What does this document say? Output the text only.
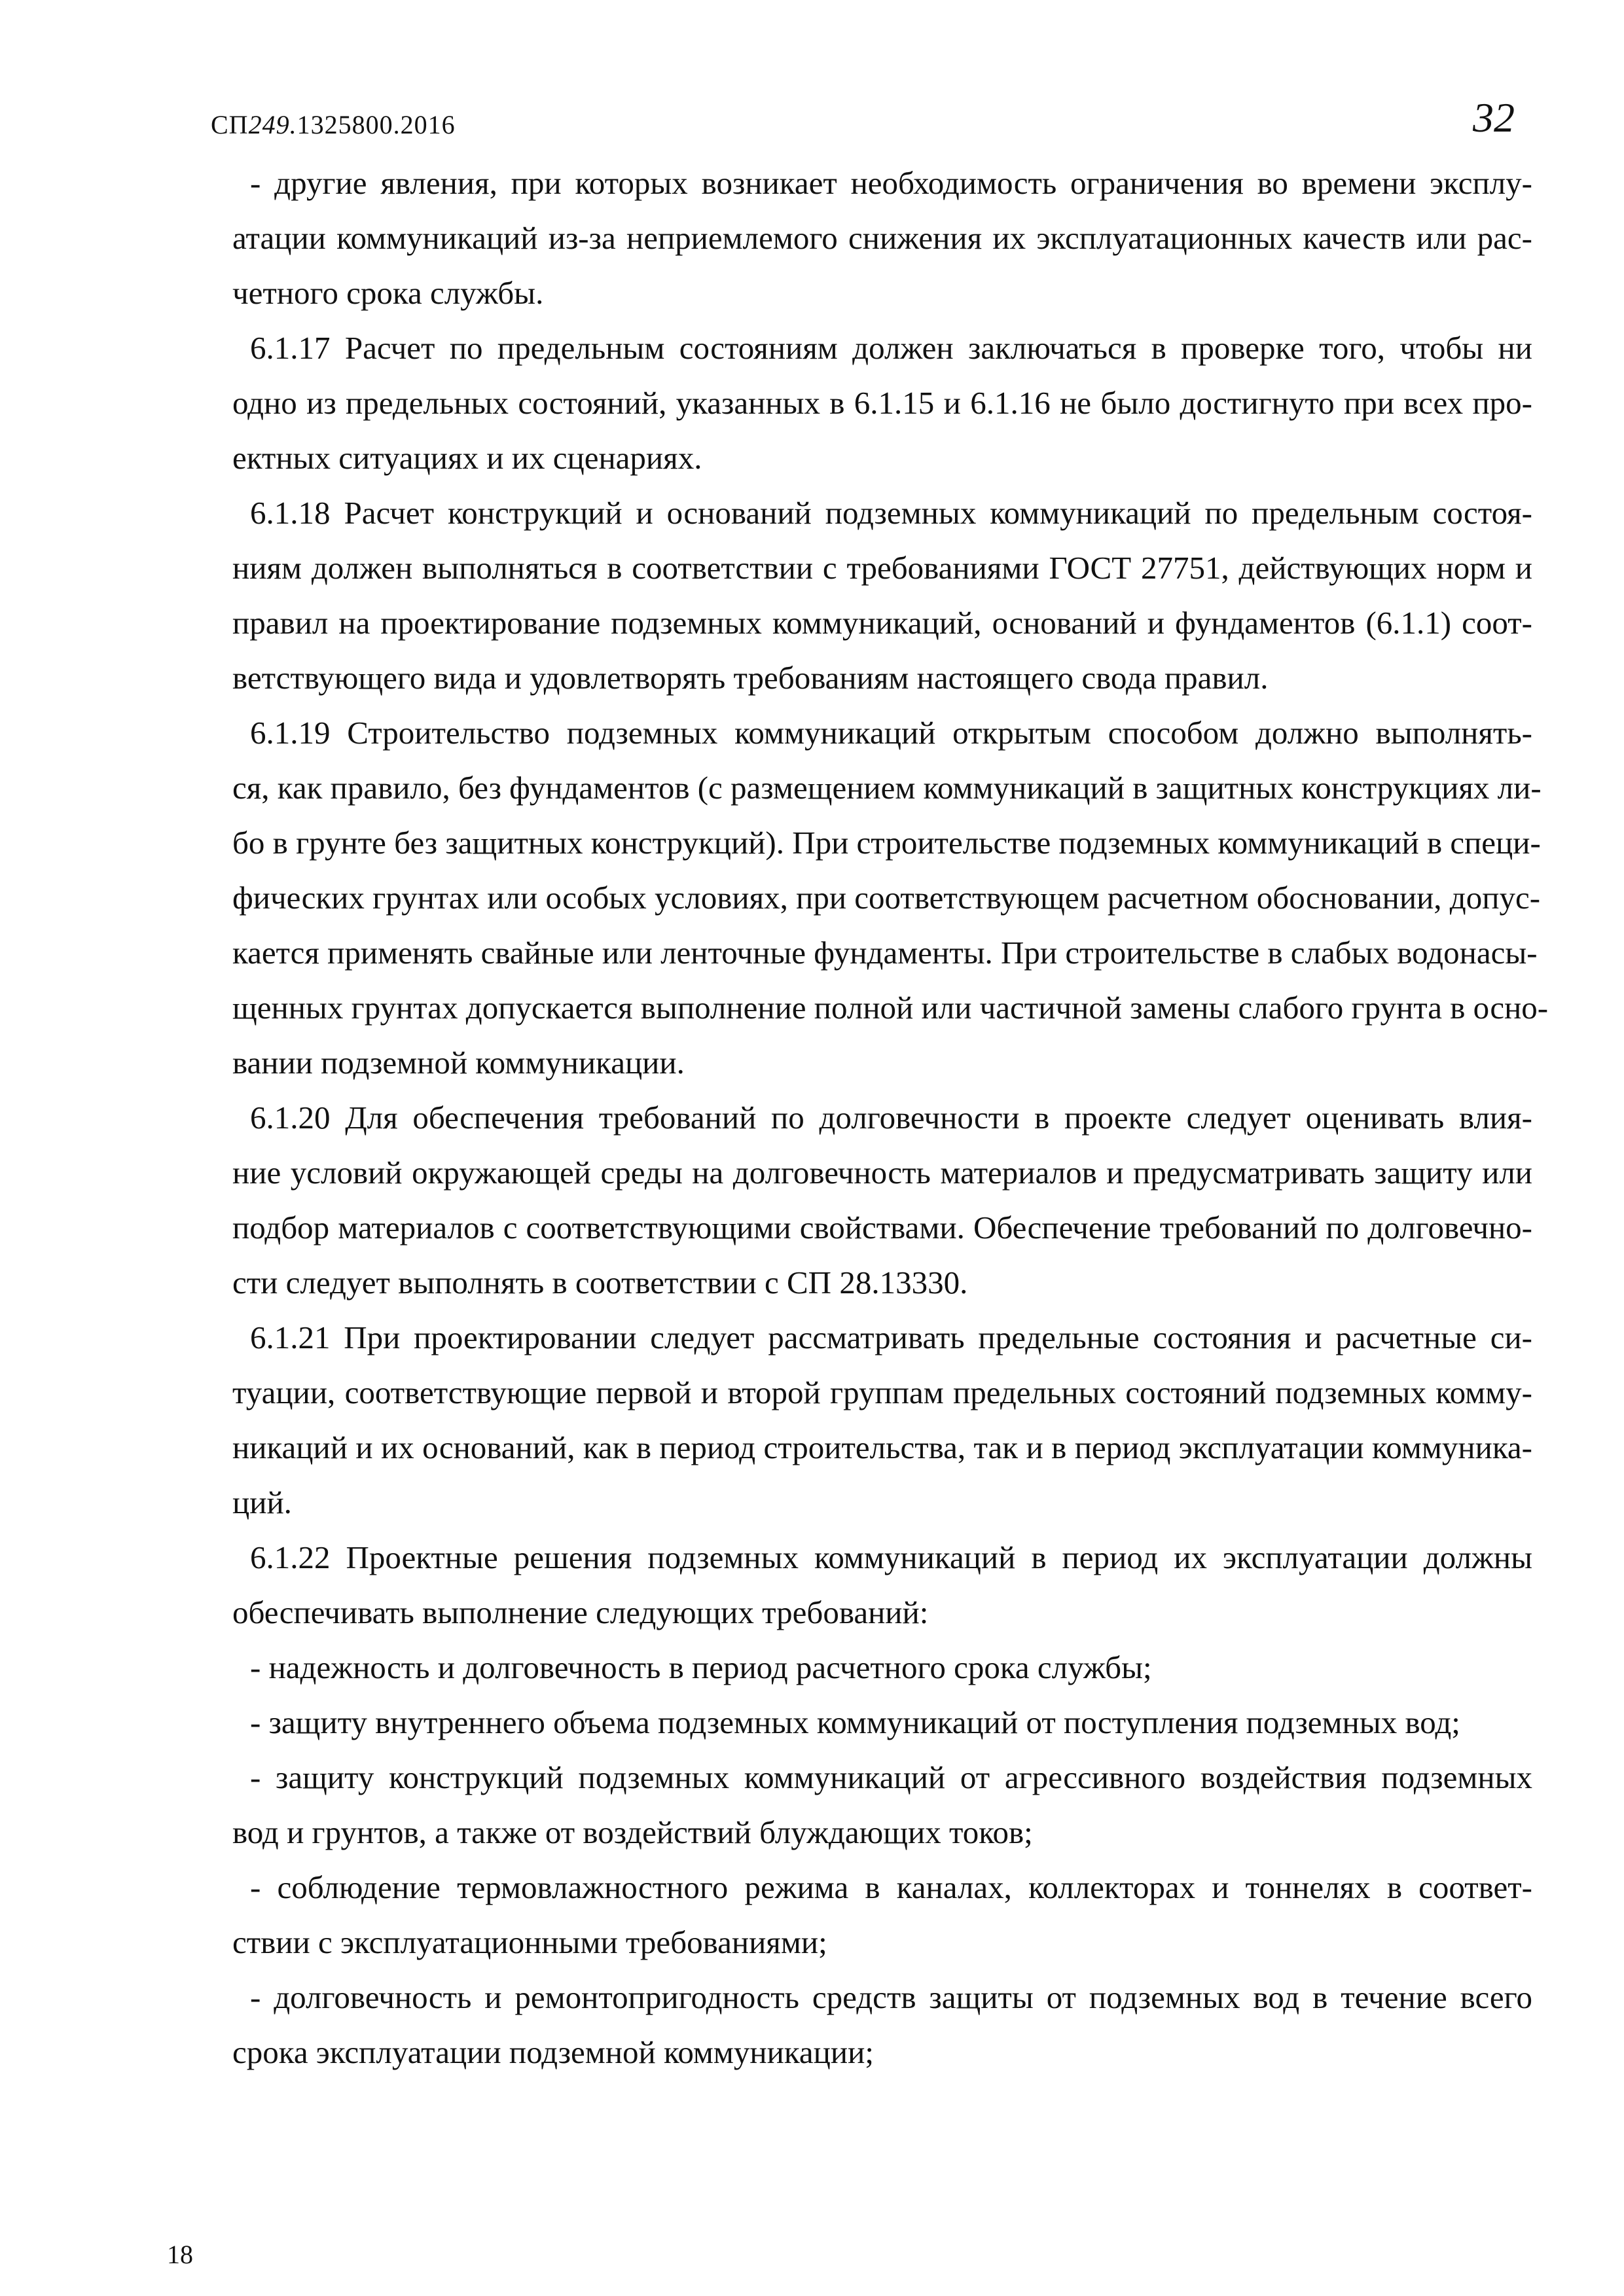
СП249.1325800.2016	32
- другие явления, при которых возникает необходимость ограничения во времени эксплу-
атации коммуникаций из-за неприемлемого снижения их эксплуатационных качеств или рас-
четного срока службы.
6.1.17 Расчет по предельным состояниям должен заключаться в проверке того, чтобы ни
одно из предельных состояний, указанных в 6.1.15 и 6.1.16 не было достигнуто при всех про-
ектных ситуациях и их сценариях.
6.1.18 Расчет конструкций и оснований подземных коммуникаций по предельным состоя-
ниям должен выполняться в соответствии с требованиями ГОСТ 27751, действующих норм и
правил на проектирование подземных коммуникаций, оснований и фундаментов (6.1.1) соот-
ветствующего вида и удовлетворять требованиям настоящего свода правил.
6.1.19 Строительство подземных коммуникаций открытым способом должно выполнять-
ся, как правило, без фундаментов (с размещением коммуникаций в защитных конструкциях ли-
бо в грунте без защитных конструкций). При строительстве подземных коммуникаций в специ-
фических грунтах или особых условиях, при соответствующем расчетном обосновании, допус-
кается применять свайные или ленточные фундаменты. При строительстве в слабых водонасы-
щенных грунтах допускается выполнение полной или частичной замены слабого грунта в осно-
вании подземной коммуникации.
6.1.20 Для обеспечения требований по долговечности в проекте следует оценивать влия-
ние условий окружающей среды на долговечность материалов и предусматривать защиту или
подбор материалов с соответствующими свойствами. Обеспечение требований по долговечно-
сти следует выполнять в соответствии с СП 28.13330.
6.1.21 При проектировании следует рассматривать предельные состояния и расчетные си-
туации, соответствующие первой и второй группам предельных состояний подземных комму-
никаций и их оснований, как в период строительства, так и в период эксплуатации коммуника-
ций.
6.1.22 Проектные решения подземных коммуникаций в период их эксплуатации должны
обеспечивать выполнение следующих требований:
- надежность и долговечность в период расчетного срока службы;
- защиту внутреннего объема подземных коммуникаций от поступления подземных вод;
- защиту конструкций подземных коммуникаций от агрессивного воздействия подземных
вод и грунтов, а также от воздействий блуждающих токов;
- соблюдение термовлажностного режима в каналах, коллекторах и тоннелях в соответ-
ствии с эксплуатационными требованиями;
- долговечность и ремонтопригодность средств защиты от подземных вод в течение всего
срока эксплуатации подземной коммуникации;
18
